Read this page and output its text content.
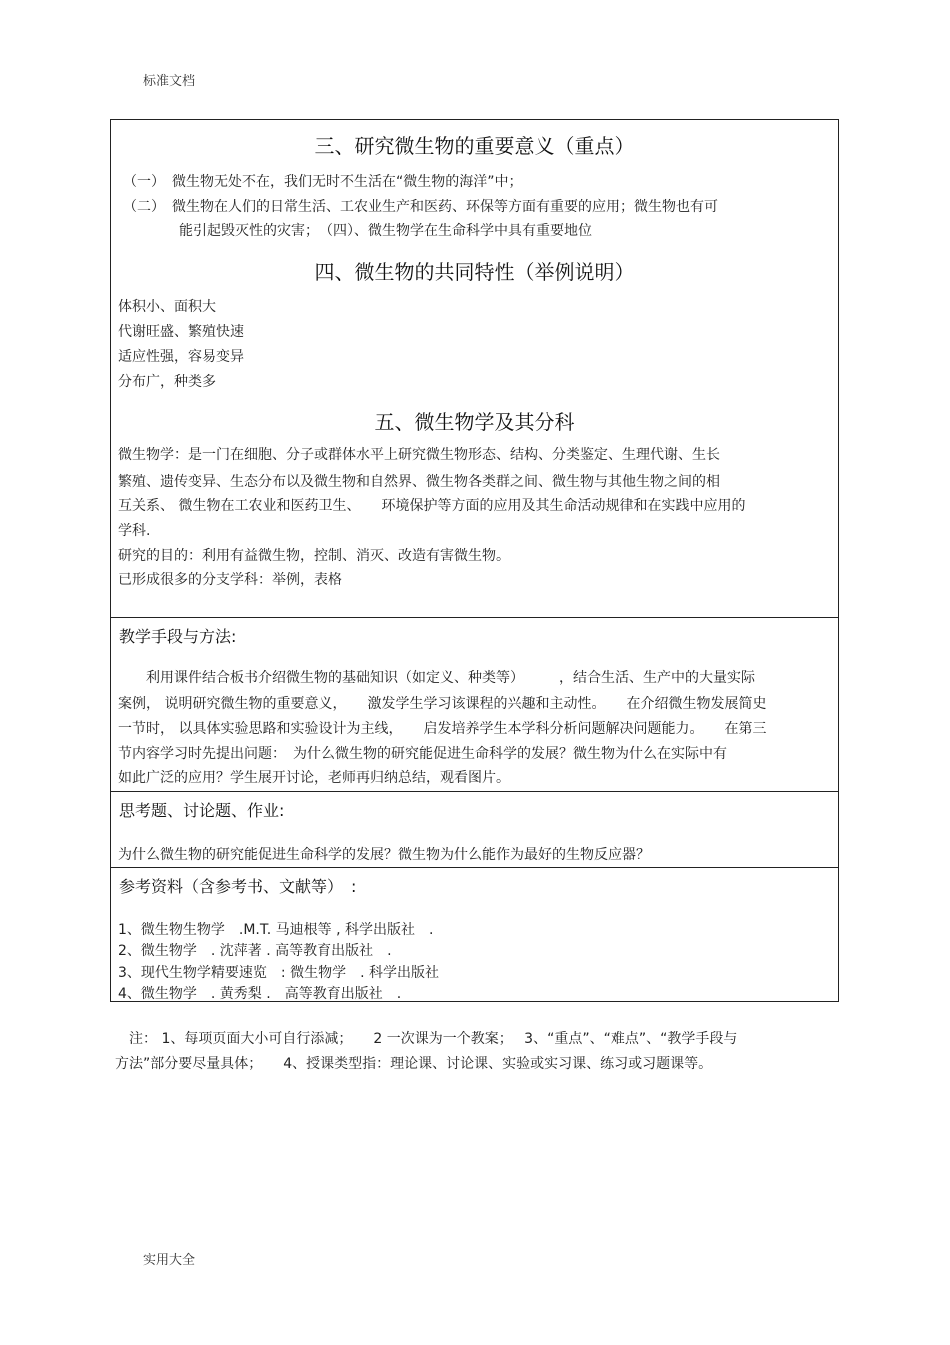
标准文档
三、研究微生物的重要意义（重点）
（一）　微生物无处不在，我们无时不生活在“微生物的海洋”中；
（二）　微生物在人们的日常生活、工农业生产和医药、环保等方面有重要的应用；微生物也有可
　　　　能引起毁灭性的灾害；　（四）、微生物学在生命科学中具有重要地位
四、微生物的共同特性（举例说明）
体积小、面积大
代谢旺盛、繁殖快速
适应性强，容易变异
分布广，种类多
五、微生物学及其分科
微生物学：是一门在细胞、分子或群体水平上研究微生物形态、结构、分类鉴定、生理代谢、生长
繁殖、遗传变异、生态分布以及微生物和自然界、微生物各类群之间、微生物与其他生物之间的相
互关系、 微生物在工农业和医药卫生、　　环境保护等方面的应用及其生命活动规律和在实践中应用的
学科.
研究的目的：利用有益微生物，控制、消灭、改造有害微生物。
已形成很多的分支学科：举例，表格
教学手段与方法:
　　利用课件结合板书介绍微生物的基础知识（如定义、种类等）　　　，结合生活、生产中的大量实际
案例， 说明研究微生物的重要意义，　　激发学生学习该课程的兴趣和主动性。　　在介绍微生物发展简史
一节时， 以具体实验思路和实验设计为主线，　　启发培养学生本学科分析问题解决问题能力。　　在第三
节内容学习时先提出问题：　为什么微生物的研究能促进生命科学的发展？微生物为什么在实际中有
如此广泛的应用？学生展开讨论，老师再归纳总结，观看图片。
思考题、讨论题、作业:
为什么微生物的研究能促进生命科学的发展？微生物为什么能作为最好的生物反应器？
参考资料（含参考书、文献等）　:
1、微生物生物学　.M.T. 马迪根等 , 科学出版社　.
2、微生物学　. 沈萍著 . 高等教育出版社　.
3、现代生物学精要速览　: 微生物学　. 科学出版社
4、微生物学　. 黄秀梨 .　高等教育出版社　.
　注： 1、每项页面大小可自行添减；　　2 一次课为一个教案；　 3、“重点”、“难点”、“教学手段与
方法”部分要尽量具体；　　4、授课类型指：理论课、讨论课、实验或实习课、练习或习题课等。
实用大全
